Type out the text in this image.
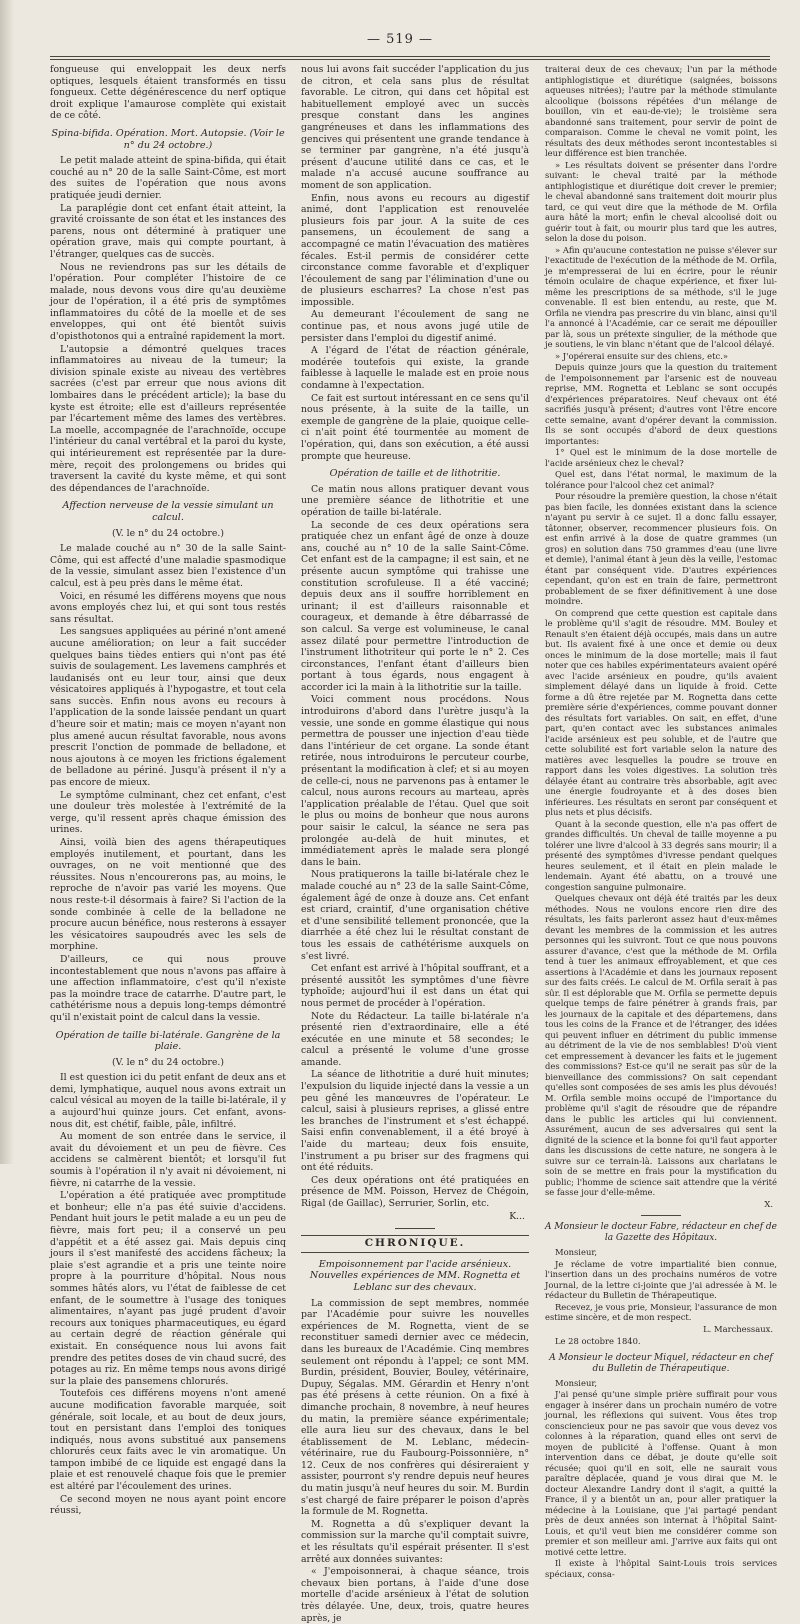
— 519 —

fongueuse qui enveloppait les deux nerfs optiques, lesquels étaient transformés en tissu fongueux. Cette dégénérescence du nerf optique droit explique l'amaurose complète qui existait de ce côté.

Spina-bifida. Opération. Mort. Autopsie. (Voir le n° du 24 octobre.)

Le petit malade atteint de spina-bifida, qui était couché au n° 20 de la salle Saint-Côme, est mort des suites de l'opération que nous avons pratiquée jeudi dernier.

La paraplégie dont cet enfant était atteint, la gravité croissante de son état et les instances des parens, nous ont déterminé à pratiquer une opération grave, mais qui compte pourtant, à l'étranger, quelques cas de succès.

Nous ne reviendrons pas sur les détails de l'opération. Pour compléter l'histoire de ce malade, nous devons vous dire qu'au deuxième jour de l'opération, il a été pris de symptômes inflammatoires du côté de la moelle et de ses enveloppes, qui ont été bientôt suivis d'opisthotonos qui a entraîné rapidement la mort.

L'autopsie a démontré quelques traces inflammatoires au niveau de la tumeur; la division spinale existe au niveau des vertèbres sacrées (c'est par erreur que nous avions dit lombaires dans le précédent article); la base du kyste est étroite; elle est d'ailleurs représentée par l'écartement même des lames des vertèbres. La moelle, accompagnée de l'arachnoïde, occupe l'intérieur du canal vertébral et la paroi du kyste, qui intérieurement est représentée par la dure-mère, reçoit des prolongemens ou brides qui traversent la cavité du kyste même, et qui sont des dépendances de l'arachnoïde.

Affection nerveuse de la vessie simulant un calcul.

(V. le n° du 24 octobre.)

Le malade couché au n° 30 de la salle Saint-Côme, qui est affecté d'une maladie spasmodique de la vessie, simulant assez bien l'existence d'un calcul, est à peu près dans le même état.

Voici, en résumé les différens moyens que nous avons employés chez lui, et qui sont tous restés sans résultat.

Les sangsues appliquées au périné n'ont amené aucune amélioration; on leur a fait succéder quelques bains tièdes entiers qui n'ont pas été suivis de soulagement. Les lavemens camphrés et laudanisés ont eu leur tour, ainsi que deux vésicatoires appliqués à l'hypogastre, et tout cela sans succès. Enfin nous avons eu recours à l'application de la sonde laissée pendant un quart d'heure soir et matin; mais ce moyen n'ayant non plus amené aucun résultat favorable, nous avons prescrit l'onction de pommade de belladone, et nous ajoutons à ce moyen les frictions également de belladone au périné. Jusqu'à présent il n'y a pas encore de mieux.

Le symptôme culminant, chez cet enfant, c'est une douleur très molestée à l'extrémité de la verge, qu'il ressent après chaque émission des urines.

Ainsi, voilà bien des agens thérapeutiques employés inutilement, et pourtant, dans les ouvrages, on ne voit mentionné que des réussites. Nous n'encourerons pas, au moins, le reproche de n'avoir pas varié les moyens. Que nous reste-t-il désormais à faire? Si l'action de la sonde combinée à celle de la belladone ne procure aucun bénéfice, nous resterons à essayer les vésicatoires saupoudrés avec les sels de morphine.

D'ailleurs, ce qui nous prouve incontestablement que nous n'avons pas affaire à une affection inflammatoire, c'est qu'il n'existe pas la moindre trace de catarrhe. D'autre part, le cathétérisme nous a depuis long-temps démontré qu'il n'existait point de calcul dans la vessie.

Opération de taille bi-latérale. Gangrène de la plaie.

(V. le n° du 24 octobre.)

Il est question ici du petit enfant de deux ans et demi, lymphatique, auquel nous avons extrait un calcul vésical au moyen de la taille bi-latérale, il y a aujourd'hui quinze jours. Cet enfant, avons-nous dit, est chétif, faible, pâle, infiltré.

Au moment de son entrée dans le service, il avait du dévoiement et un peu de fièvre. Ces accidens se calmèrent bientôt; et lorsqu'il fut soumis à l'opération il n'y avait ni dévoiement, ni fièvre, ni catarrhe de la vessie.

L'opération a été pratiquée avec promptitude et bonheur; elle n'a pas été suivie d'accidens. Pendant huit jours le petit malade a eu un peu de fièvre, mais fort peu; il a conservé un peu d'appétit et a été assez gai. Mais depuis cinq jours il s'est manifesté des accidens fâcheux; la plaie s'est agrandie et a pris une teinte noire propre à la pourriture d'hôpital. Nous nous sommes hâtés alors, vu l'état de faiblesse de cet enfant, de le soumettre à l'usage des toniques alimentaires, n'ayant pas jugé prudent d'avoir recours aux toniques pharmaceutiques, eu égard au certain degré de réaction générale qui existait. En conséquence nous lui avons fait prendre des petites doses de vin chaud sucré, des potages au riz. En même temps nous avons dirigé sur la plaie des pansemens chlorurés.

Toutefois ces différens moyens n'ont amené aucune modification favorable marquée, soit générale, soit locale, et au bout de deux jours, tout en persistant dans l'emploi des toniques indiqués, nous avons substitué aux pansemens chlorurés ceux faits avec le vin aromatique. Un tampon imbibé de ce liquide est engagé dans la plaie et est renouvelé chaque fois que le premier est altéré par l'écoulement des urines.

Ce second moyen ne nous ayant point encore réussi,

nous lui avons fait succéder l'application du jus de citron, et cela sans plus de résultat favorable. Le citron, qui dans cet hôpital est habituellement employé avec un succès presque constant dans les angines gangréneuses et dans les inflammations des gencives qui présentent une grande tendance à se terminer par gangrène, n'a été jusqu'à présent d'aucune utilité dans ce cas, et le malade n'a accusé aucune souffrance au moment de son application.

Enfin, nous avons eu recours au digestif animé, dont l'application est renouvelée plusieurs fois par jour. A la suite de ces pansemens, un écoulement de sang a accompagné ce matin l'évacuation des matières fécales. Est-il permis de considérer cette circonstance comme favorable et d'expliquer l'écoulement de sang par l'élimination d'une ou de plusieurs escharres? La chose n'est pas impossible.

Au demeurant l'écoulement de sang ne continue pas, et nous avons jugé utile de persister dans l'emploi du digestif animé.

A l'égard de l'état de réaction générale, modérée toutefois qui existe, la grande faiblesse à laquelle le malade est en proie nous condamne à l'expectation.

Ce fait est surtout intéressant en ce sens qu'il nous présente, à la suite de la taille, un exemple de gangrène de la plaie, quoique celle-ci n'ait point été tourmentée au moment de l'opération, qui, dans son exécution, a été aussi prompte que heureuse.

Opération de taille et de lithotritie.

Ce matin nous allons pratiquer devant vous une première séance de lithotritie et une opération de taille bi-latérale.

La seconde de ces deux opérations sera pratiquée chez un enfant âgé de onze à douze ans, couché au n° 10 de la salle Saint-Côme. Cet enfant est de la campagne; il est sain, et ne présente aucun symptôme qui trahisse une constitution scrofuleuse. Il a été vacciné; depuis deux ans il souffre horriblement en urinant; il est d'ailleurs raisonnable et courageux, et demande à être débarrassé de son calcul. Sa verge est volumineuse, le canal assez dilaté pour permettre l'introduction de l'instrument lithotriteur qui porte le n° 2. Ces circonstances, l'enfant étant d'ailleurs bien portant à tous égards, nous engagent à accorder ici la main à la lithotritie sur la taille.

Voici comment nous procédons. Nous introduirons d'abord dans l'urètre jusqu'à la vessie, une sonde en gomme élastique qui nous permettra de pousser une injection d'eau tiède dans l'intérieur de cet organe. La sonde étant retirée, nous introduirons le percuteur courbe, présentant la modification à clef; et si au moyen de celle-ci, nous ne parvenons pas à entamer le calcul, nous aurons recours au marteau, après l'application préalable de l'étau. Quel que soit le plus ou moins de bonheur que nous aurons pour saisir le calcul, la séance ne sera pas prolongée au-delà de huit minutes, et immédiatement après le malade sera plongé dans le bain.

Nous pratiquerons la taille bi-latérale chez le malade couché au n° 23 de la salle Saint-Côme, également âgé de onze à douze ans. Cet enfant est criard, craintif, d'une organisation chétive et d'une sensibilité tellement prononcée, que la diarrhée a été chez lui le résultat constant de tous les essais de cathétérisme auxquels on s'est livré.

Cet enfant est arrivé à l'hôpital souffrant, et a présenté aussitôt les symptômes d'une fièvre typhoïde; aujourd'hui il est dans un état qui nous permet de procéder à l'opération.

Note du Rédacteur. La taille bi-latérale n'a présenté rien d'extraordinaire, elle a été exécutée en une minute et 58 secondes; le calcul a présenté le volume d'une grosse amande.

La séance de lithotritie a duré huit minutes; l'expulsion du liquide injecté dans la vessie a un peu gêné les manœuvres de l'opérateur. Le calcul, saisi à plusieurs reprises, a glissé entre les branches de l'instrument et s'est échappé. Saisi enfin convenablement, il a été broyé à l'aide du marteau; deux fois ensuite, l'instrument a pu briser sur des fragmens qui ont été réduits.

Ces deux opérations ont été pratiquées en présence de MM. Poisson, Hervez de Chégoin, Rigal (de Gaillac), Serrurier, Sorlin, etc.

K...
CHRONIQUE.
Empoisonnement par l'acide arsénieux. Nouvelles expériences de MM. Rognetta et Leblanc sur des chevaux.

La commission de sept membres, nommée par l'Académie pour suivre les nouvelles expériences de M. Rognetta, vient de se reconstituer samedi dernier avec ce médecin, dans les bureaux de l'Académie. Cinq membres seulement ont répondu à l'appel; ce sont MM. Burdin, président, Bouvier, Bouley, vétérinaire, Dupuy, Ségalas. MM. Gérardin et Henry n'ont pas été présens à cette réunion. On a fixé à dimanche prochain, 8 novembre, à neuf heures du matin, la première séance expérimentale; elle aura lieu sur des chevaux, dans le bel établissement de M. Leblanc, médecin-vétérinaire, rue du Faubourg-Poissonnière, n° 12. Ceux de nos confrères qui désireraient y assister, pourront s'y rendre depuis neuf heures du matin jusqu'à neuf heures du soir. M. Burdin s'est chargé de faire préparer le poison d'après la formule de M. Rognetta.

M. Rognetta a dû s'expliquer devant la commission sur la marche qu'il comptait suivre, et les résultats qu'il espérait présenter. Il s'est arrêté aux données suivantes:

« J'empoisonnerai, à chaque séance, trois chevaux bien portans, à l'aide d'une dose mortelle d'acide arsénieux à l'état de solution très délayée. Une, deux, trois, quatre heures après, je

traiterai deux de ces chevaux; l'un par la méthode antiphlogistique et diurétique (saignées, boissons aqueuses nitrées); l'autre par la méthode stimulante alcoolique (boissons répétées d'un mélange de bouillon, vin et eau-de-vie); le troisième sera abandonné sans traitement, pour servir de point de comparaison. Comme le cheval ne vomit point, les résultats des deux méthodes seront incontestables si leur différence est bien tranchée.

» Les résultats doivent se présenter dans l'ordre suivant: le cheval traité par la méthode antiphlogistique et diurétique doit crever le premier; le cheval abandonné sans traitement doit mourir plus tard, ce qui veut dire que la méthode de M. Orfila aura hâté la mort; enfin le cheval alcoolisé doit ou guérir tout à fait, ou mourir plus tard que les autres, selon la dose du poison.

» Afin qu'aucune contestation ne puisse s'élever sur l'exactitude de l'exécution de la méthode de M. Orfila, je m'empresserai de lui en écrire, pour le réunir témoin oculaire de chaque expérience, et fixer lui-même les prescriptions de sa méthode, s'il le juge convenable. Il est bien entendu, au reste, que M. Orfila ne viendra pas prescrire du vin blanc, ainsi qu'il l'a annoncé à l'Académie, car ce serait me dépouiller par là, sous un prétexte singulier, de la méthode que je soutiens, le vin blanc n'étant que de l'alcool délayé.

» J'opérerai ensuite sur des chiens, etc.»

Depuis quinze jours que la question du traitement de l'empoisonnement par l'arsenic est de nouveau reprise, MM. Rognetta et Leblanc se sont occupés d'expériences préparatoires. Neuf chevaux ont été sacrifiés jusqu'à présent; d'autres vont l'être encore cette semaine, avant d'opérer devant la commission. Ils se sont occupés d'abord de deux questions importantes:

1° Quel est le minimum de la dose mortelle de l'acide arsénieux chez le cheval?

Quel est, dans l'état normal, le maximum de la tolérance pour l'alcool chez cet animal?

Pour résoudre la première question, la chose n'était pas bien facile, les données existant dans la science n'ayant pu servir à ce sujet. Il a donc fallu essayer, tâtonner, observer, recommencer plusieurs fois. On est enfin arrivé à la dose de quatre grammes (un gros) en solution dans 750 grammes d'eau (une livre et demie), l'animal étant à jeun dès la veille, l'estomac étant par conséquent vide. D'autres expériences cependant, qu'on est en train de faire, permettront probablement de se fixer définitivement à une dose moindre.

On comprend que cette question est capitale dans le problème qu'il s'agit de résoudre. MM. Bouley et Renault s'en étaient déjà occupés, mais dans un autre but. Ils avaient fixé à une once et demie ou deux onces le minimum de la dose mortelle; mais il faut noter que ces habiles expérimentateurs avaient opéré avec l'acide arsénieux en poudre, qu'ils avaient simplement délayé dans un liquide à froid. Cette forme a dû être rejetée par M. Rognetta dans cette première série d'expériences, comme pouvant donner des résultats fort variables. On sait, en effet, d'une part, qu'en contact avec les substances animales l'acide arsénieux est peu soluble, et de l'autre que cette solubilité est fort variable selon la nature des matières avec lesquelles la poudre se trouve en rapport dans les voies digestives. La solution très délayée étant au contraire très absorbable, agit avec une énergie foudroyante et à des doses bien inférieures. Les résultats en seront par conséquent et plus nets et plus décisifs.

Quant à la seconde question, elle n'a pas offert de grandes difficultés. Un cheval de taille moyenne a pu tolérer une livre d'alcool à 33 degrés sans mourir; il a présenté des symptômes d'ivresse pendant quelques heures seulement, et il était en plein malade le lendemain. Ayant été abattu, on a trouvé une congestion sanguine pulmonaire.

Quelques chevaux ont déjà été traités par les deux méthodes. Nous ne voulons encore rien dire des résultats, les faits parleront assez haut d'eux-mêmes devant les membres de la commission et les autres personnes qui les suivront. Tout ce que nous pouvons assurer d'avance, c'est que la méthode de M. Orfila tend à tuer les animaux effroyablement, et que ces assertions à l'Académie et dans les journaux reposent sur des faits créés. Le calcul de M. Orfila serait à pas sûr. Il est déplorable que M. Orfila se permette depuis quelque temps de faire pénétrer à grands frais, par les journaux de la capitale et des départemens, dans tous les coins de la France et de l'étranger, des idées qui peuvent influer en détriment du public immense au détriment de la vie de nos semblables! D'où vient cet empressement à devancer les faits et le jugement des commissions? Est-ce qu'il ne serait pas sûr de la bienveillance des commissions? On sait cependant qu'elles sont composées de ses amis les plus dévoués! M. Orfila semble moins occupé de l'importance du problème qu'il s'agit de résoudre que de répandre dans le public les articles qui lui conviennent. Assurément, aucun de ses adversaires qui sent la dignité de la science et la bonne foi qu'il faut apporter dans les discussions de cette nature, ne songera à le suivre sur ce terrain-là. Laissons aux charlatans le soin de se mettre en frais pour la mystification du public; l'homme de science sait attendre que la vérité se fasse jour d'elle-même.

X.
A Monsieur le docteur Fabre, rédacteur en chef de la Gazette des Hôpitaux.

Monsieur,

Je réclame de votre impartialité bien connue, l'insertion dans un des prochains numéros de votre Journal, de la lettre ci-jointe que j'ai adressée à M. le rédacteur du Bulletin de Thérapeutique.

Recevez, je vous prie, Monsieur, l'assurance de mon estime sincère, et de mon respect.

L. Marchessaux.

Le 28 octobre 1840.

A Monsieur le docteur Miquel, rédacteur en chef du Bulletin de Thérapeutique.

Monsieur,

J'ai pensé qu'une simple prière suffirait pour vous engager à insérer dans un prochain numéro de votre journal, les réflexions qui suivent. Vous êtes trop consciencieux pour ne pas savoir que vous devez vos colonnes à la réparation, quand elles ont servi de moyen de publicité à l'offense. Quant à mon intervention dans ce débat, je doute qu'elle soit récusée; quoi qu'il en soit, elle ne saurait vous paraître déplacée, quand je vous dirai que M. le docteur Alexandre Landry dont il s'agit, a quitté la France, il y a bientôt un an, pour aller pratiquer la médecine à la Louisiane, que j'ai partagé pendant près de deux années son internat à l'hôpital Saint-Louis, et qu'il veut bien me considérer comme son premier et son meilleur ami. J'arrive aux faits qui ont motivé cette lettre.

Il existe à l'hôpital Saint-Louis trois services spéciaux, consa-
